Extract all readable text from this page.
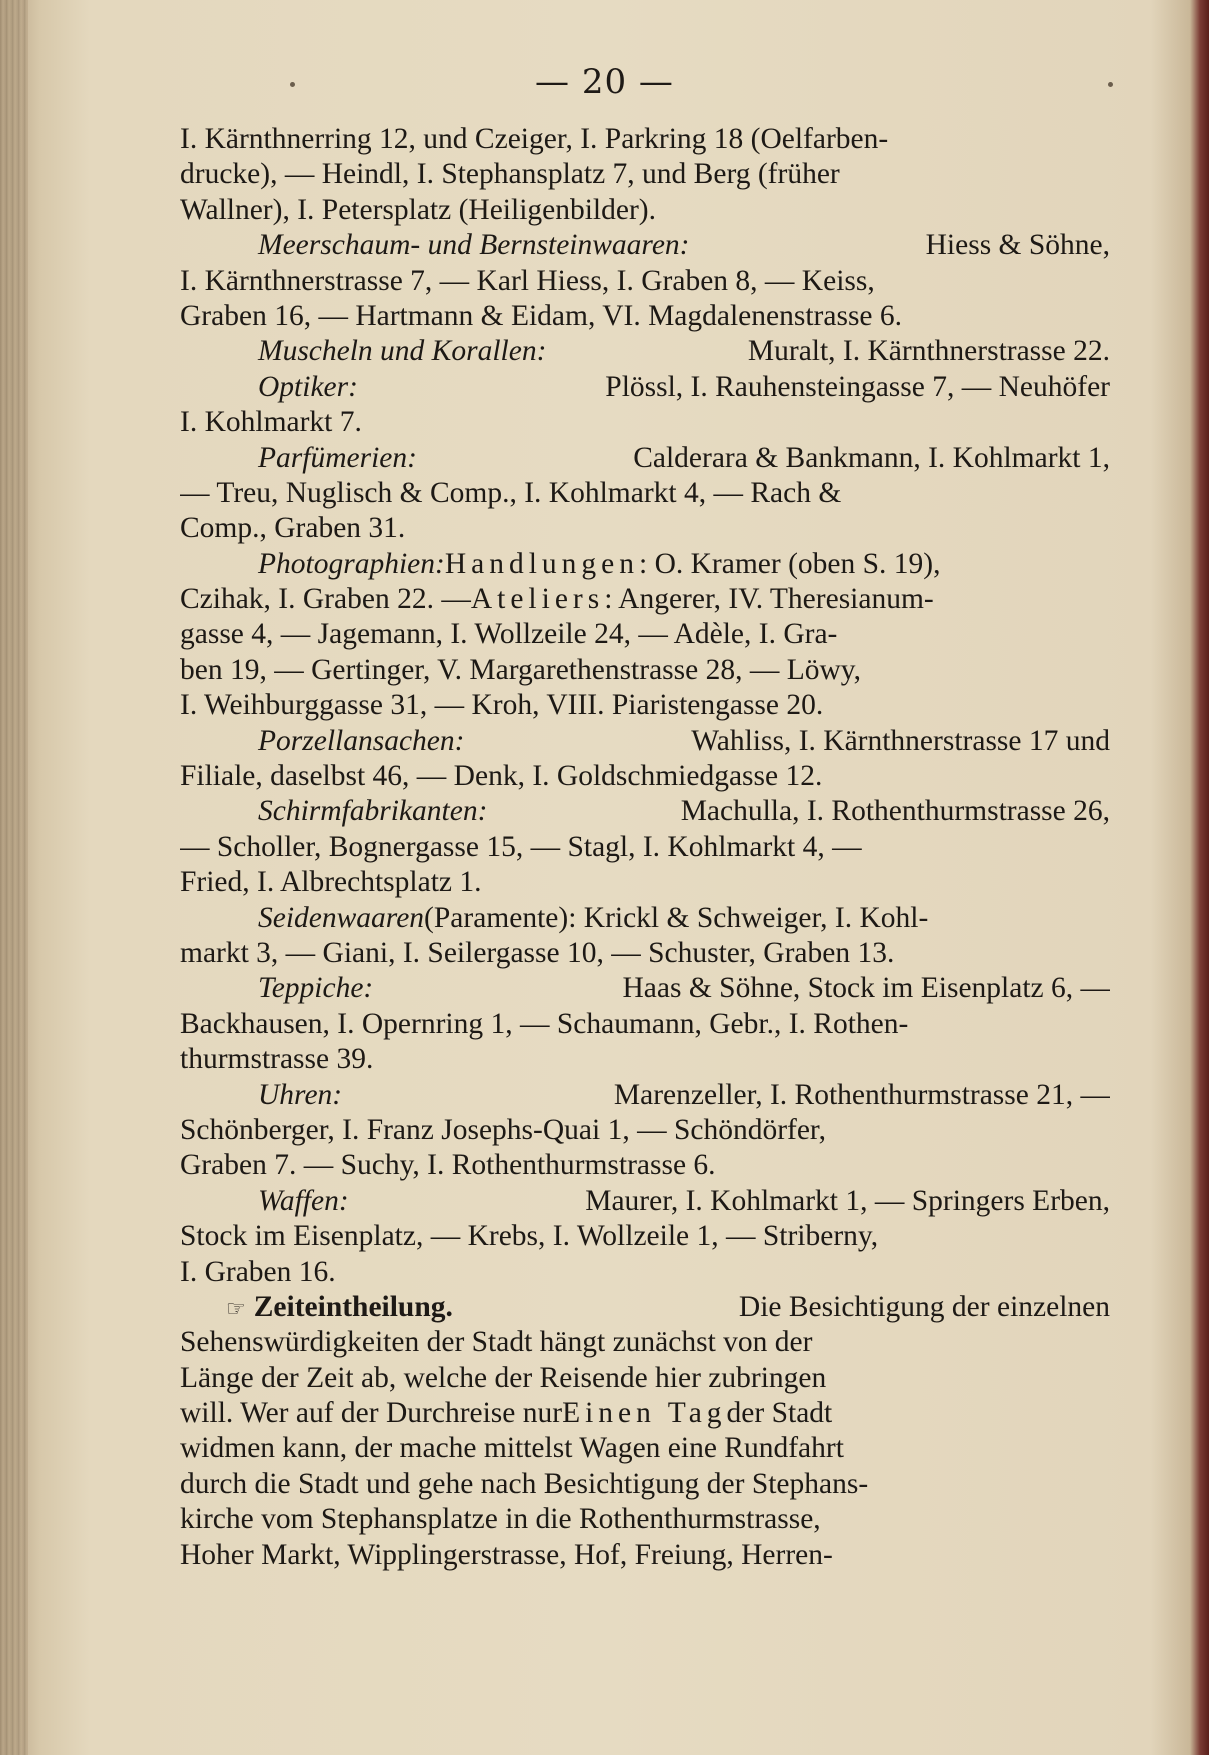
— 20 —
I. Kärnthnerring 12, und Czeiger, I. Parkring 18 (Oelfarben-
drucke), — Heindl, I. Stephansplatz 7, und Berg (früher
Wallner), I. Petersplatz (Heiligenbilder).
Meerschaum- und Bernsteinwaaren:	Hiess & Söhne,
I. Kärnthnerstrasse 7, — Karl Hiess, I. Graben 8, — Keiss,
Graben 16, — Hartmann & Eidam, VI. Magdalenenstrasse 6.
Muscheln und Korallen:	Muralt, I. Kärnthnerstrasse 22.
Optiker:	Plössl, I. Rauhensteingasse 7, — Neuhöfer
I. Kohlmarkt 7.
Parfümerien:	Calderara & Bankmann, I. Kohlmarkt 1,
— Treu, Nuglisch & Comp., I. Kohlmarkt 4, — Rach &
Comp., Graben 31.
Photographien: Handlungen : O. Kramer (oben S. 19),
Czihak, I. Graben 22. — Ateliers : Angerer, IV. Theresianum-
gasse 4, — Jagemann, I. Wollzeile 24, — Adèle, I. Gra-
ben 19, — Gertinger, V. Margarethenstrasse 28, — Löwy,
I. Weihburggasse 31, — Kroh, VIII. Piaristengasse 20.
Porzellansachen:	Wahliss, I. Kärnthnerstrasse 17 und
Filiale, daselbst 46, — Denk, I. Goldschmiedgasse 12.
Schirmfabrikanten:	Machulla, I. Rothenthurmstrasse 26,
— Scholler, Bognergasse 15, — Stagl, I. Kohlmarkt 4, —
Fried, I. Albrechtsplatz 1.
Seidenwaaren (Paramente): Krickl & Schweiger, I. Kohl-
markt 3, — Giani, I. Seilergasse 10, — Schuster, Graben 13.
Teppiche:	Haas & Söhne, Stock im Eisenplatz 6, —
Backhausen, I. Opernring 1, — Schaumann, Gebr., I. Rothen-
thurmstrasse 39.
Uhren:	Marenzeller, I. Rothenthurmstrasse 21, —
Schönberger, I. Franz Josephs-Quai 1, — Schöndörfer,
Graben 7. — Suchy, I. Rothenthurmstrasse 6.
Waffen:	Maurer, I. Kohlmarkt 1, — Springers Erben,
Stock im Eisenplatz, — Krebs, I. Wollzeile 1, — Striberny,
I. Graben 16.
☞ Zeiteintheilung.	Die Besichtigung der einzelnen
Sehenswürdigkeiten der Stadt hängt zunächst von der
Länge der Zeit ab, welche der Reisende hier zubringen
will. Wer auf der Durchreise nur Einen Tag der Stadt
widmen kann, der mache mittelst Wagen eine Rundfahrt
durch die Stadt und gehe nach Besichtigung der Stephans-
kirche vom Stephansplatze in die Rothenthurmstrasse,
Hoher Markt, Wipplingerstrasse, Hof, Freiung, Herren-
